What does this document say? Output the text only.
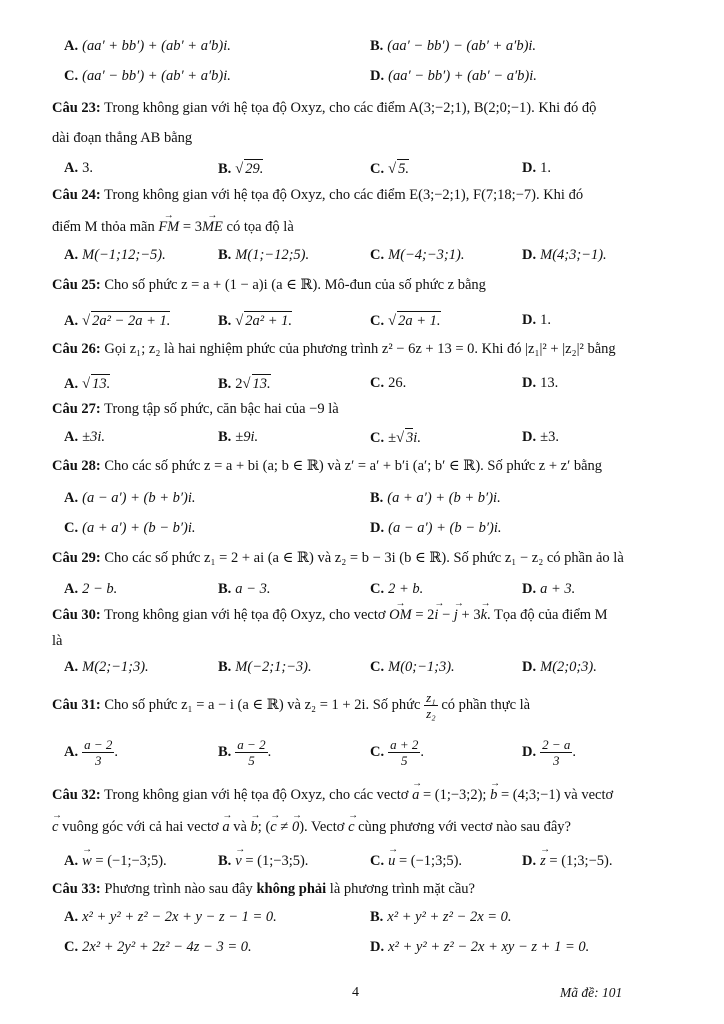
A. (aa′ + bb′) + (ab′ + a′b)i.	B. (aa′ − bb′) − (ab′ + a′b)i.
C. (aa′ − bb′) + (ab′ + a′b)i.	D. (aa′ − bb′) + (ab′ − a′b)i.
Câu 23: Trong không gian với hệ tọa độ Oxyz, cho các điểm A(3;−2;1), B(2;0;−1). Khi đó độ
dài đoạn thẳng AB bằng
A. 3.	B. √ 29.	C. √ 5.	D. 1.
Câu 24: Trong không gian với hệ tọa độ Oxyz, cho các điểm E(3;−2;1), F(7;18;−7). Khi đó
điểm M thỏa mãn → FM = 3→ ME có tọa độ là
A. M(−1;12;−5).	B. M(1;−12;5).	C. M(−4;−3;1).	D. M(4;3;−1).
Câu 25: Cho số phức z = a + (1 − a)i (a ∈ ℝ). Mô-đun của số phức z bằng
A. √ 2a² − 2a + 1.	B. √ 2a² + 1.	C. √ 2a + 1.	D. 1.
Câu 26: Gọi z₁; z₂ là hai nghiệm phức của phương trình z² − 6z + 13 = 0. Khi đó |z₁|² + |z₂|² bằng
A. √ 13.	B. 2√ 13.	C. 26.	D. 13.
Câu 27: Trong tập số phức, căn bậc hai của −9 là
A. ±3i.	B. ±9i.	C. ±√ 3i.	D. ±3.
Câu 28: Cho các số phức z = a + bi (a; b ∈ ℝ) và z′ = a′ + b′i (a′; b′ ∈ ℝ). Số phức z + z′ bằng
A. (a − a′) + (b + b′)i.	B. (a + a′) + (b + b′)i.
C. (a + a′) + (b − b′)i.	D. (a − a′) + (b − b′)i.
Câu 29: Cho các số phức z₁ = 2 + ai (a ∈ ℝ) và z₂ = b − 3i (b ∈ ℝ). Số phức z₁ − z₂ có phần ảo là
A. 2 − b.	B. a − 3.	C. 2 + b.	D. a + 3.
Câu 30: Trong không gian với hệ tọa độ Oxyz, cho vectơ → OM = 2→ i − → j + 3→ k. Tọa độ của điểm M
là
A. M(2;−1;3).	B. M(−2;1;−3).	C. M(0;−1;3).	D. M(2;0;3).
Câu 31: Cho số phức z₁ = a − i (a ∈ ℝ) và z₂ = 1 + 2i. Số phức $\frac{\text{z₁}}{\text{z₂}}$ có phần thực là
A. $\frac{a - 2}{3}$ .	B. $\frac{a - 2}{5}$ .	C. $\frac{a + 2}{5}$ .	D. $\frac{2 - a}{3}$ .
Câu 32: Trong không gian với hệ tọa độ Oxyz, cho các vectơ → a = (1;−3;2); → b = (4;3;−1) và vectơ
→ c vuông góc với cả hai vectơ → a và → b; (→ c ≠ → 0). Vectơ → c cùng phương với vectơ nào sau đây?
A. → w = (−1;−3;5).	B. → v = (1;−3;5).	C. → u = (−1;3;5).	D. → z = (1;3;−5).
Câu 33: Phương trình nào sau đây không phải là phương trình mặt cầu?
A. x² + y² + z² − 2x + y − z − 1 = 0.	B. x² + y² + z² − 2x = 0.
C. 2x² + 2y² + 2z² − 4z − 3 = 0.	D. x² + y² + z² − 2x + xy − z + 1 = 0.
4	Mã đề: 101
